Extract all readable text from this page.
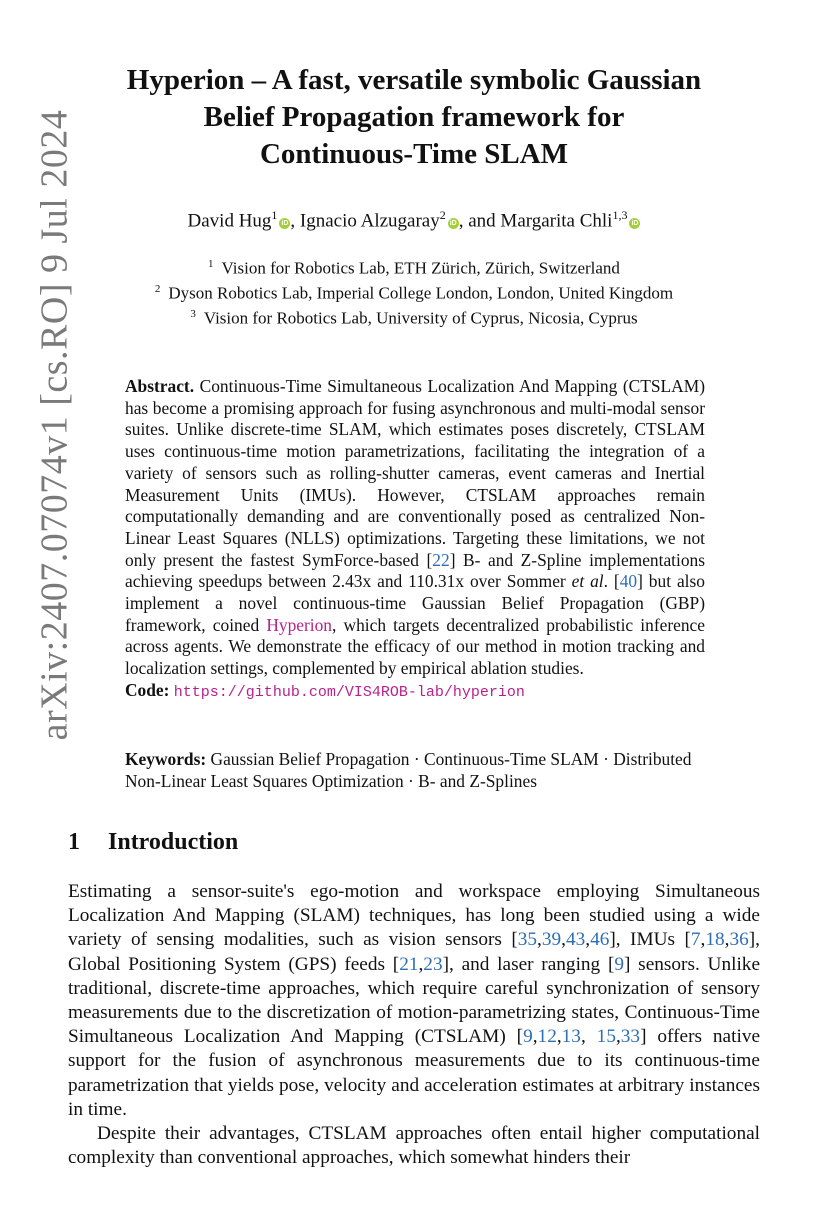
arXiv:2407.07074v1 [cs.RO] 9 Jul 2024
Hyperion – A fast, versatile symbolic Gaussian
Belief Propagation framework for
Continuous-Time SLAM
David Hug$^1$iD , Ignacio Alzugaray$^2$iD , and Margarita Chli$^{1,3}$iD
$^1$ Vision for Robotics Lab, ETH Zürich, Zürich, Switzerland
$^2$ Dyson Robotics Lab, Imperial College London, London, United Kingdom
$^3$ Vision for Robotics Lab, University of Cyprus, Nicosia, Cyprus
Abstract. Continuous-Time Simultaneous Localization And Mapping (CTSLAM) has become a promising approach for fusing asynchronous and multi-modal sensor suites. Unlike discrete-time SLAM, which estimates poses discretely, CTSLAM uses continuous-time motion parametrizations, facilitating the integration of a variety of sensors such as rolling-shutter cameras, event cameras and Inertial Measurement Units (IMUs). However, CTSLAM approaches remain computationally demanding and are conventionally posed as centralized Non-Linear Least Squares (NLLS) optimizations. Targeting these limitations, we not only present the fastest SymForce-based [22] B- and Z-Spline implementations achieving speedups between 2.43x and 110.31x over Sommer et al. [40] but also implement a novel continuous-time Gaussian Belief Propagation (GBP) framework, coined Hyperion, which targets decentralized probabilistic inference across agents. We demonstrate the efficacy of our method in motion tracking and localization settings, complemented by empirical ablation studies.
Code: https://github.com/VIS4ROB-lab/hyperion
Keywords: Gaussian Belief Propagation · Continuous-Time SLAM · Distributed Non-Linear Least Squares Optimization · B- and Z-Splines
1 Introduction

Estimating a sensor-suite's ego-motion and workspace employing Simultaneous Localization And Mapping (SLAM) techniques, has long been studied using a wide variety of sensing modalities, such as vision sensors [35,39,43,46], IMUs [7,18,36], Global Positioning System (GPS) feeds [21,23], and laser ranging [9] sensors. Unlike traditional, discrete-time approaches, which require careful synchronization of sensory measurements due to the discretization of motion-parametrizing states, Continuous-Time Simultaneous Localization And Mapping (CTSLAM) [9,12,13, 15,33] offers native support for the fusion of asynchronous measurements due to its continuous-time parametrization that yields pose, velocity and acceleration estimates at arbitrary instances in time.

Despite their advantages, CTSLAM approaches often entail higher computational complexity than conventional approaches, which somewhat hinders their
